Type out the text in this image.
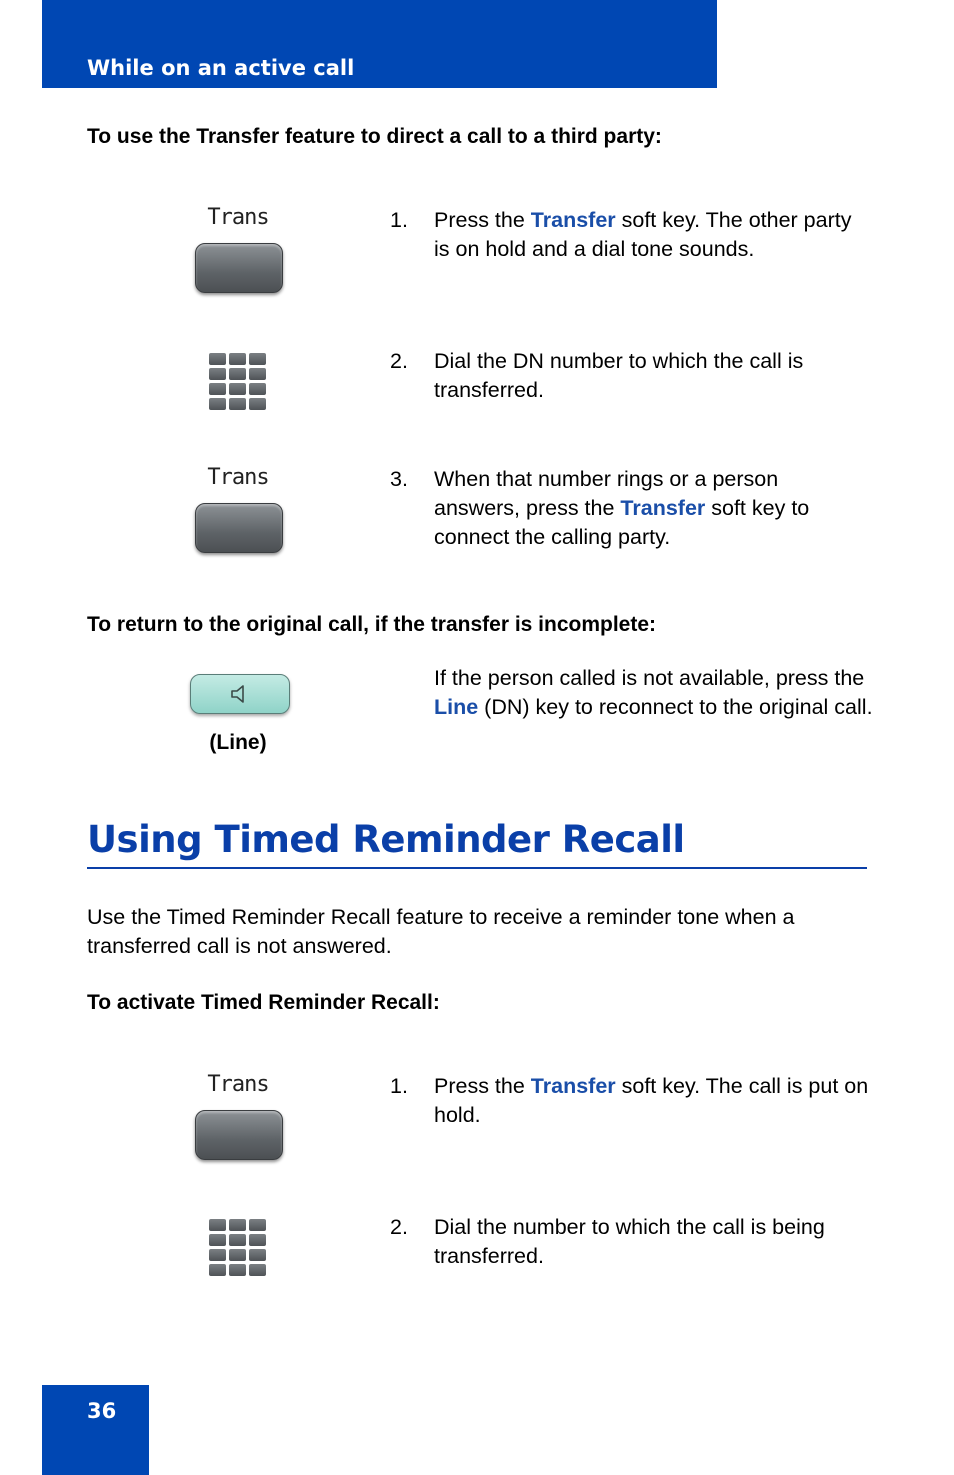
While on an active call
To use the Transfer feature to direct a call to a third party:
Trans	1. Press the Transfer soft key. The other party is on hold and a dial tone sounds.
2. Dial the DN number to which the call is transferred.
Trans	3. When that number rings or a person answers, press the Transfer soft key to connect the calling party.
To return to the original call, if the transfer is incomplete:
(Line)
If the person called is not available, press the Line (DN) key to reconnect to the original call.
Using Timed Reminder Recall
Use the Timed Reminder Recall feature to receive a reminder tone when a transferred call is not answered.
To activate Timed Reminder Recall:
Trans	1. Press the Transfer soft key. The call is put on hold.
2. Dial the number to which the call is being transferred.
36
